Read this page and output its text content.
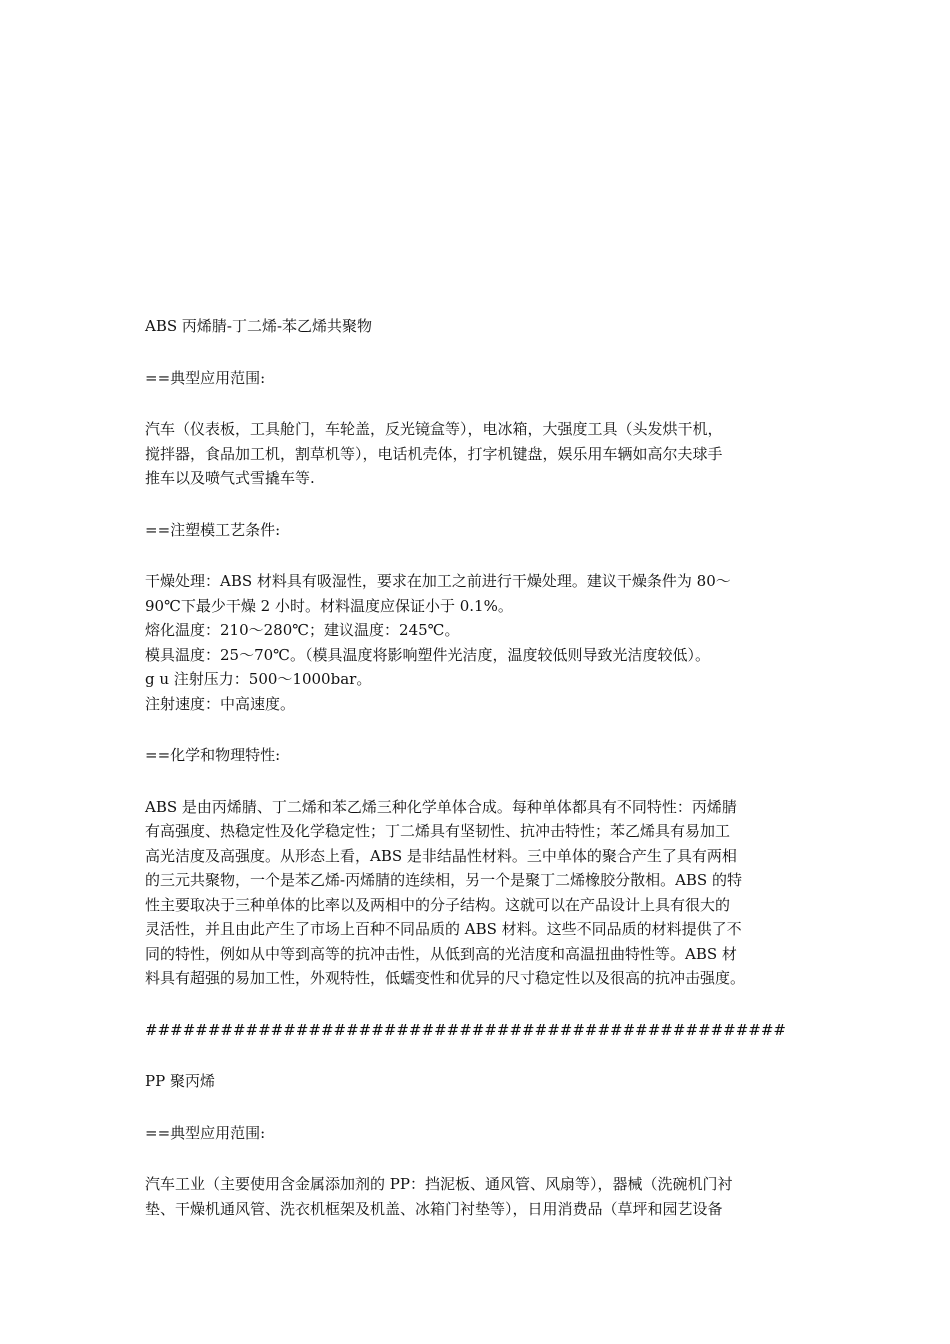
ABS 丙烯腈-丁二烯-苯乙烯共聚物
==典型应用范围:
汽车（仪表板，工具舱门，车轮盖，反光镜盒等），电冰箱，大强度工具（头发烘干机，
搅拌器，食品加工机，割草机等），电话机壳体，打字机键盘，娱乐用车辆如高尔夫球手
推车以及喷气式雪撬车等.
==注塑模工艺条件:
干燥处理：ABS 材料具有吸湿性，要求在加工之前进行干燥处理。建议干燥条件为 80～
90℃下最少干燥 2 小时。材料温度应保证小于 0.1%。
熔化温度：210～280℃；建议温度：245℃。
模具温度：25～70℃。（模具温度将影响塑件光洁度，温度较低则导致光洁度较低）。
g u 注射压力：500～1000bar。
注射速度：中高速度。
==化学和物理特性:
ABS 是由丙烯腈、丁二烯和苯乙烯三种化学单体合成。每种单体都具有不同特性：丙烯腈
有高强度、热稳定性及化学稳定性；丁二烯具有坚韧性、抗冲击特性；苯乙烯具有易加工
高光洁度及高强度。从形态上看，ABS 是非结晶性材料。三中单体的聚合产生了具有两相
的三元共聚物，一个是苯乙烯-丙烯腈的连续相，另一个是聚丁二烯橡胶分散相。ABS 的特
性主要取决于三种单体的比率以及两相中的分子结构。这就可以在产品设计上具有很大的
灵活性，并且由此产生了市场上百种不同品质的 ABS 材料。这些不同品质的材料提供了不
同的特性，例如从中等到高等的抗冲击性，从低到高的光洁度和高温扭曲特性等。ABS 材
料具有超强的易加工性，外观特性，低蠕变性和优异的尺寸稳定性以及很高的抗冲击强度。
###################################################
PP 聚丙烯
==典型应用范围:
汽车工业（主要使用含金属添加剂的 PP：挡泥板、通风管、风扇等），器械（洗碗机门衬
垫、干燥机通风管、洗衣机框架及机盖、冰箱门衬垫等），日用消费品（草坪和园艺设备
